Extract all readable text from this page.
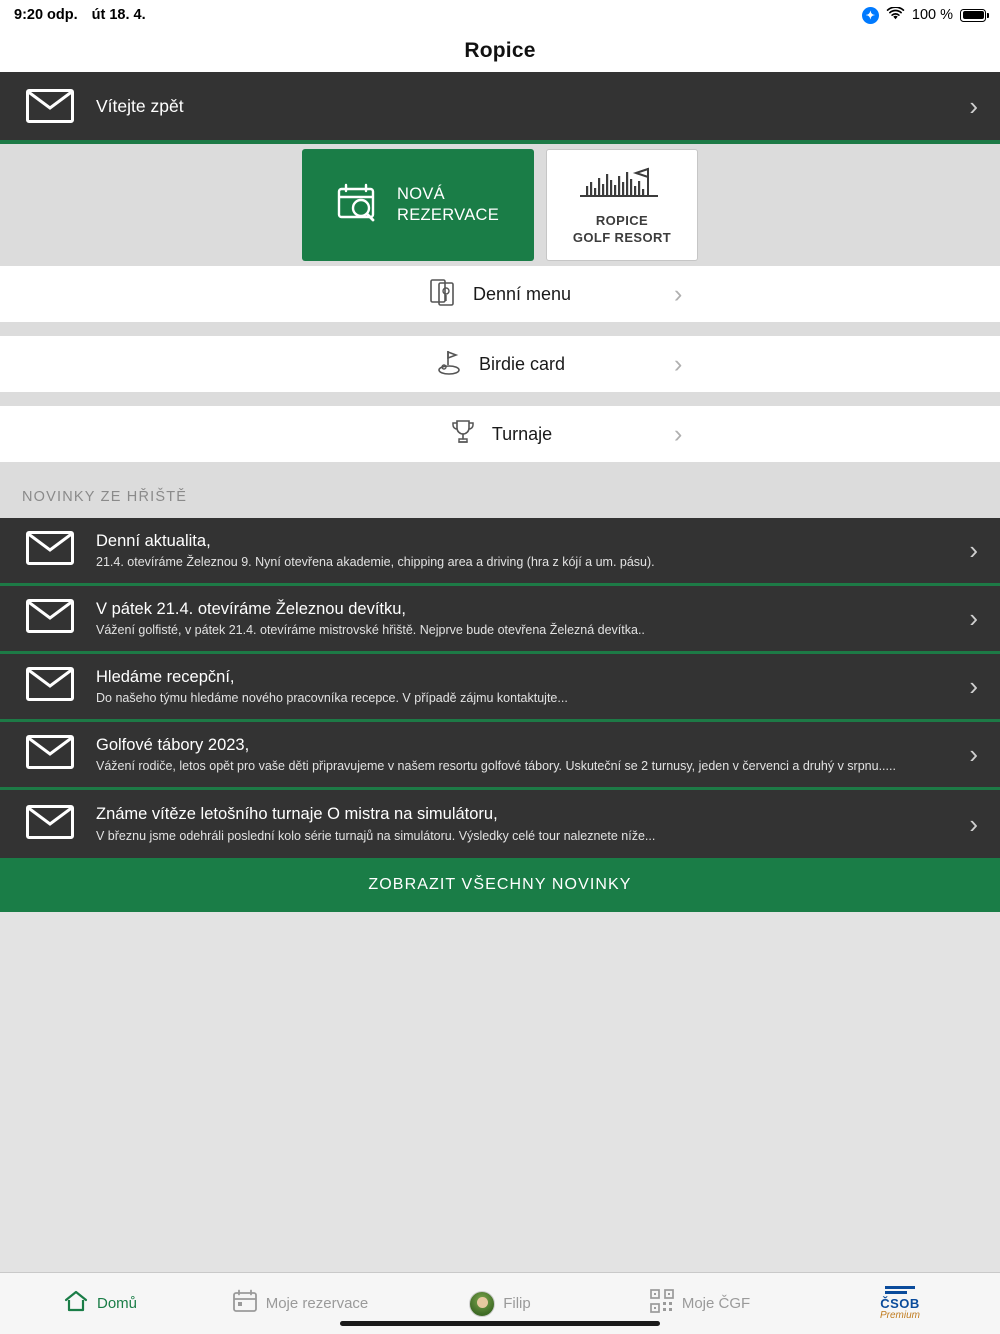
9:20 odp. út 18. 4.	✦	100 %
Ropice
Vítejte zpět	›
NOVÁ
REZERVACE	ROPICE
GOLF RESORT
Denní menu	›
Birdie card	›
Turnaje	›
NOVINKY ZE HŘIŠTĚ
Denní aktualita,
21.4. otevíráme Železnou 9. Nyní otevřena akademie, chipping area a driving (hra z kójí a um. pásu).	›
V pátek 21.4. otevíráme Železnou devítku,
Vážení golfisté, v pátek 21.4. otevíráme mistrovské hřiště. Nejprve bude otevřena Železná devítka..	›
Hledáme recepční,
Do našeho týmu hledáme nového pracovníka recepce. V případě zájmu kontaktujte...	›
Golfové tábory 2023,
Vážení rodiče, letos opět pro vaše děti připravujeme v našem resortu golfové tábory. Uskuteční se 2 turnusy, jeden v červenci a druhý v srpnu.....	›
Známe vítěze letošního turnaje O mistra na simulátoru,
V březnu jsme odehráli poslední kolo série turnajů na simulátoru. Výsledky celé tour naleznete níže...	›
ZOBRAZIT VŠECHNY NOVINKY
Domů	Moje rezervace	Filip	Moje ČGF	ČSOB
Premium
